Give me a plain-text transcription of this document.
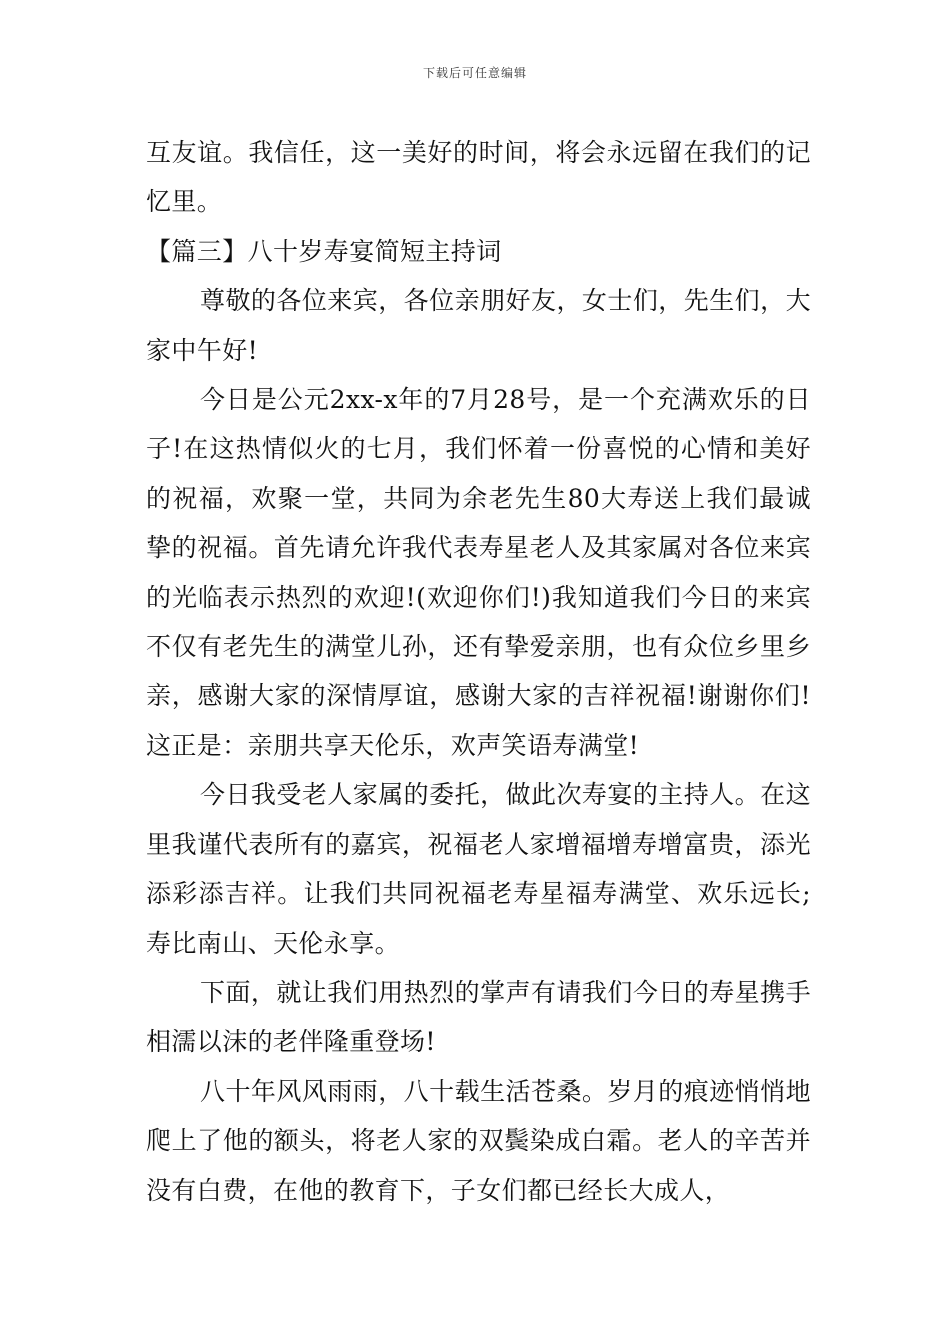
下载后可任意编辑

互友谊。我信任，这一美好的时间，将会永远留在我们的记忆里。

【篇三】八十岁寿宴简短主持词

尊敬的各位来宾，各位亲朋好友，女士们，先生们，大家中午好!

今日是公元2xx-x年的7月28号，是一个充满欢乐的日子!在这热情似火的七月，我们怀着一份喜悦的心情和美好的祝福，欢聚一堂，共同为余老先生80大寿送上我们最诚挚的祝福。首先请允许我代表寿星老人及其家属对各位来宾的光临表示热烈的欢迎!(欢迎你们!)我知道我们今日的来宾不仅有老先生的满堂儿孙，还有挚爱亲朋，也有众位乡里乡亲，感谢大家的深情厚谊，感谢大家的吉祥祝福!谢谢你们!这正是：亲朋共享天伦乐，欢声笑语寿满堂!

今日我受老人家属的委托，做此次寿宴的主持人。在这里我谨代表所有的嘉宾，祝福老人家增福增寿增富贵，添光添彩添吉祥。让我们共同祝福老寿星福寿满堂、欢乐远长;寿比南山、天伦永享。

下面，就让我们用热烈的掌声有请我们今日的寿星携手相濡以沫的老伴隆重登场!

八十年风风雨雨，八十载生活苍桑。岁月的痕迹悄悄地爬上了他的额头，将老人家的双鬓染成白霜。老人的辛苦并没有白费，在他的教育下，子女们都已经长大成人，
